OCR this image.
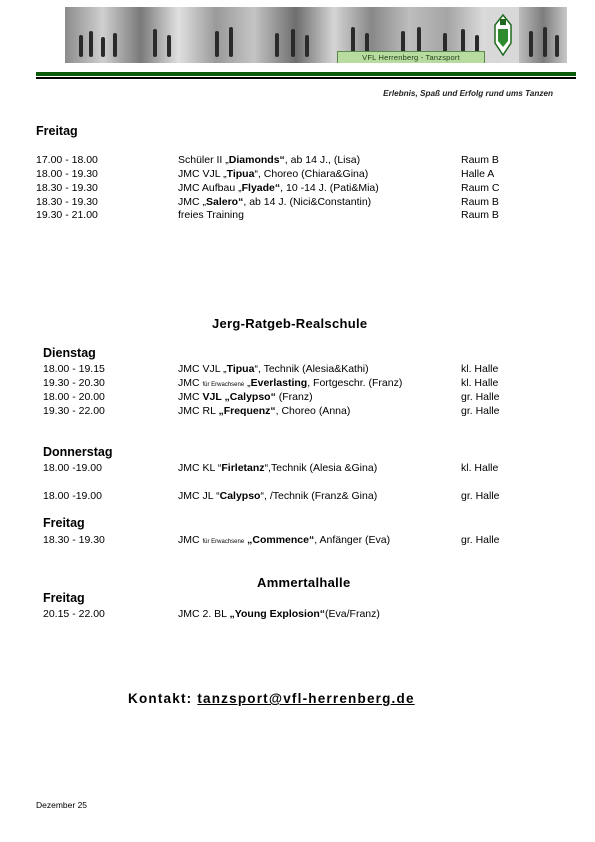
VFL Herrenberg - Tanzsport
Erlebnis, Spaß und Erfolg rund ums Tanzen
Freitag
17.00 - 18.00	Schüler II „Diamonds“, ab 14 J., (Lisa)	Raum B
18.00 - 19.30	JMC VJL „Tipua“, Choreo (Chiara&Gina)	Halle A
18.30 - 19.30	JMC Aufbau „Flyade“, 10 -14 J. (Pati&Mia)	Raum C
18.30 - 19.30	JMC „Salero“, ab 14 J. (Nici&Constantin)	Raum B
19.30 - 21.00	freies Training	Raum B
Jerg-Ratgeb-Realschule
Dienstag
18.00 - 19.15	JMC VJL „Tipua“, Technik (Alesia&Kathi)	kl. Halle
19.30 - 20.30	JMC für Erwachsene „Everlasting, Fortgeschr. (Franz)	kl. Halle
18.00 - 20.00	JMC VJL „Calypso“ (Franz)	gr. Halle
19.30 - 22.00	JMC RL „Frequenz“, Choreo (Anna)	gr. Halle
Donnerstag
18.00 -19.00	JMC KL “Firletanz“,Technik (Alesia &Gina)	kl. Halle
18.00 -19.00	JMC JL “Calypso“, /Technik (Franz& Gina)	gr. Halle
Freitag
18.30 - 19.30	JMC für Erwachsene „Commence“, Anfänger (Eva)	gr. Halle
Ammertalhalle
Freitag
20.15 - 22.00	JMC 2. BL „Young Explosion“(Eva/Franz)
Kontakt: tanzsport@vfl-herrenberg.de
Dezember 25
